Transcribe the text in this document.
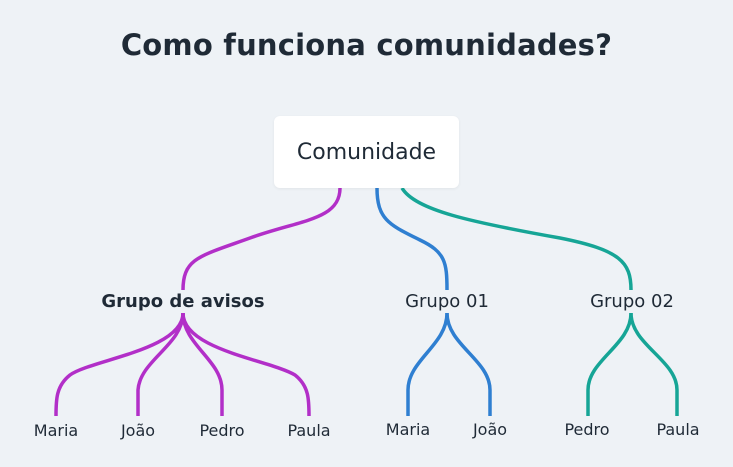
Como funciona comunidades?
Comunidade
Grupo de avisos	Grupo 01	Grupo 02
Maria	João	Pedro	Paula	Maria	João	Pedro	Paula
